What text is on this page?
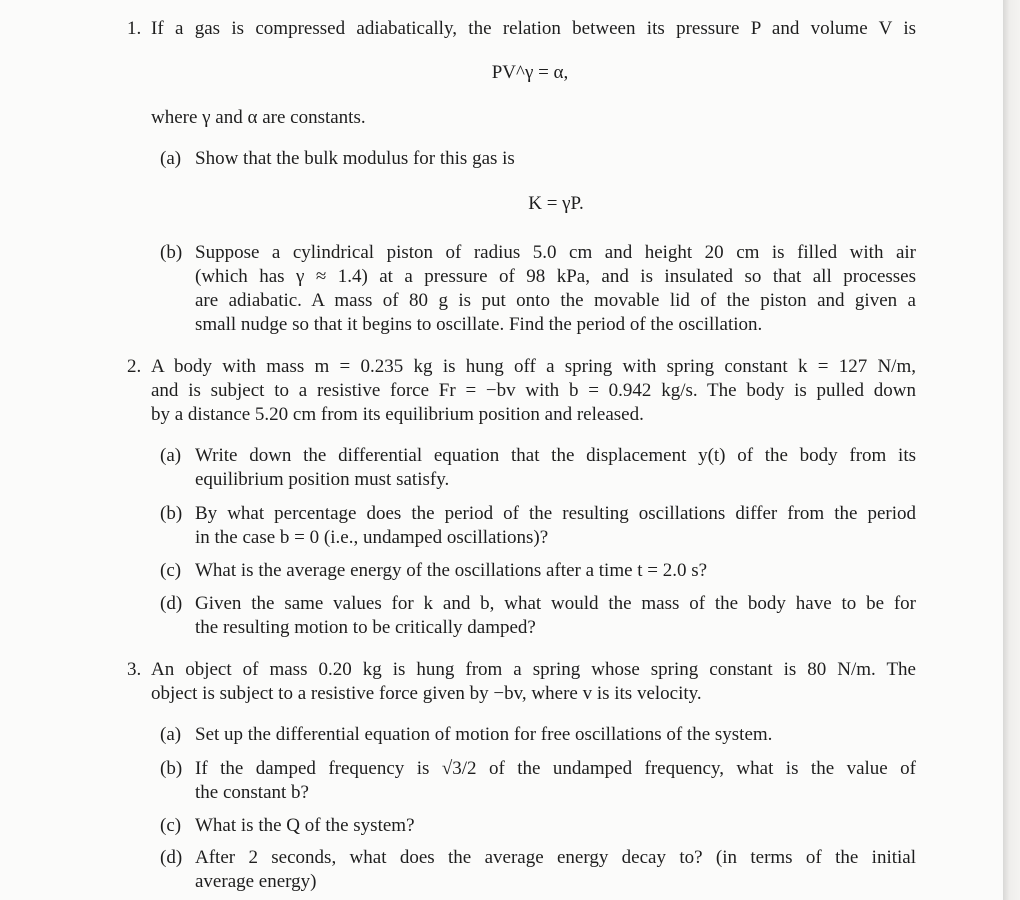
1. If a gas is compressed adiabatically, the relation between its pressure P and volume V is
PV^γ = α,
where γ and α are constants.
(a) Show that the bulk modulus for this gas is
K = γP.
(b) Suppose a cylindrical piston of radius 5.0 cm and height 20 cm is filled with air
(which has γ ≈ 1.4) at a pressure of 98 kPa, and is insulated so that all processes
are adiabatic. A mass of 80 g is put onto the movable lid of the piston and given a
small nudge so that it begins to oscillate. Find the period of the oscillation.
2. A body with mass m = 0.235 kg is hung off a spring with spring constant k = 127 N/m,
and is subject to a resistive force Fr = −bv with b = 0.942 kg/s. The body is pulled down
by a distance 5.20 cm from its equilibrium position and released.
(a) Write down the differential equation that the displacement y(t) of the body from its
equilibrium position must satisfy.
(b) By what percentage does the period of the resulting oscillations differ from the period
in the case b = 0 (i.e., undamped oscillations)?
(c) What is the average energy of the oscillations after a time t = 2.0 s?
(d) Given the same values for k and b, what would the mass of the body have to be for
the resulting motion to be critically damped?
3. An object of mass 0.20 kg is hung from a spring whose spring constant is 80 N/m. The
object is subject to a resistive force given by −bv, where v is its velocity.
(a) Set up the differential equation of motion for free oscillations of the system.
(b) If the damped frequency is √3/2 of the undamped frequency, what is the value of
the constant b?
(c) What is the Q of the system?
(d) After 2 seconds, what does the average energy decay to? (in terms of the initial
average energy)
